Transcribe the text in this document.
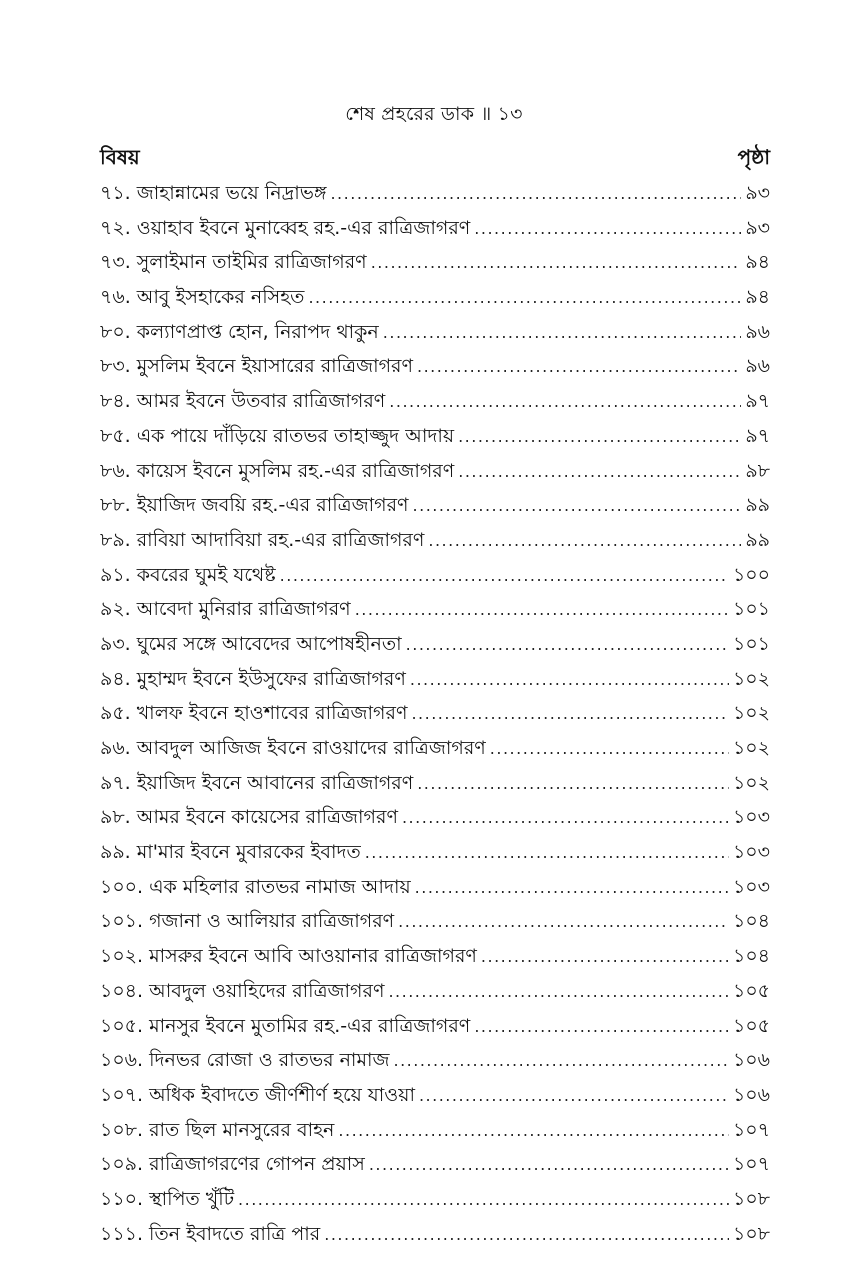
শেষ প্রহরের ডাক ॥ ১৩
বিষয়	পৃষ্ঠা
৭১. জাহান্নামের ভয়ে নিদ্রাভঙ্গ .....	৯৩
৭২. ওয়াহাব ইবনে মুনাব্বেহ রহ.-এর রাত্রিজাগরণ .....	৯৩
৭৩. সুলাইমান তাইমির রাত্রিজাগরণ .....	৯৪
৭৬. আবু ইসহাকের নসিহত .....	৯৪
৮০. কল্যাণপ্রাপ্ত হোন, নিরাপদ থাকুন .....	৯৬
৮৩. মুসলিম ইবনে ইয়াসারের রাত্রিজাগরণ .....	৯৬
৮৪. আমর ইবনে উতবার রাত্রিজাগরণ .....	৯৭
৮৫. এক পায়ে দাঁড়িয়ে রাতভর তাহাজ্জুদ আদায় .....	৯৭
৮৬. কায়েস ইবনে মুসলিম রহ.-এর রাত্রিজাগরণ .....	৯৮
৮৮. ইয়াজিদ জবয়ি রহ.-এর রাত্রিজাগরণ .....	৯৯
৮৯. রাবিয়া আদাবিয়া রহ.-এর রাত্রিজাগরণ .....	৯৯
৯১. কবরের ঘুমই যথেষ্ট .....	১০০
৯২. আবেদা মুনিরার রাত্রিজাগরণ .....	১০১
৯৩. ঘুমের সঙ্গে আবেদের আপোষহীনতা .....	১০১
৯৪. মুহাম্মদ ইবনে ইউসুফের রাত্রিজাগরণ .....	১০২
৯৫. খালফ ইবনে হাওশাবের রাত্রিজাগরণ .....	১০২
৯৬. আবদুল আজিজ ইবনে রাওয়াদের রাত্রিজাগরণ .....	১০২
৯৭. ইয়াজিদ ইবনে আবানের রাত্রিজাগরণ .....	১০২
৯৮. আমর ইবনে কায়েসের রাত্রিজাগরণ .....	১০৩
৯৯. মা'মার ইবনে মুবারকের ইবাদত .....	১০৩
১০০. এক মহিলার রাতভর নামাজ আদায় .....	১০৩
১০১. গজানা ও আলিয়ার রাত্রিজাগরণ .....	১০৪
১০২. মাসরুর ইবনে আবি আওয়ানার রাত্রিজাগরণ .....	১০৪
১০৪. আবদুল ওয়াহিদের রাত্রিজাগরণ .....	১০৫
১০৫. মানসুর ইবনে মুতামির রহ.-এর রাত্রিজাগরণ .....	১০৫
১০৬. দিনভর রোজা ও রাতভর নামাজ .....	১০৬
১০৭. অধিক ইবাদতে জীর্ণশীর্ণ হয়ে যাওয়া .....	১০৬
১০৮. রাত ছিল মানসুরের বাহন .....	১০৭
১০৯. রাত্রিজাগরণের গোপন প্রয়াস .....	১০৭
১১০. স্থাপিত খুঁটি .....	১০৮
১১১. তিন ইবাদতে রাত্রি পার .....	১০৮
